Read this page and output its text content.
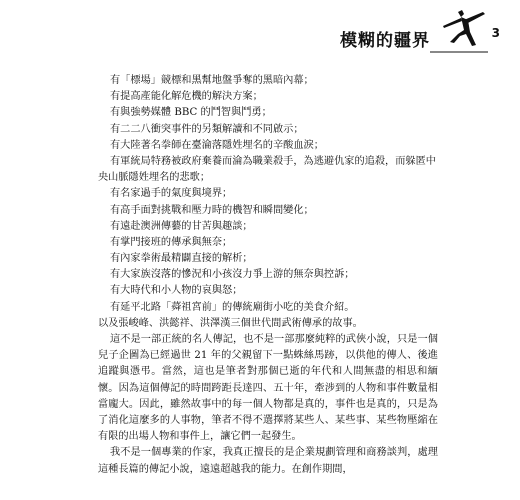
模糊的疆界	3

有「標場」競標和黑幫地盤爭奪的黑暗內幕；

有提高產能化解危機的解決方案；

有與強勢媒體 BBC 的鬥智與鬥勇；

有二二八衝突事件的另類解讀和不同啟示；

有大陸著名拳師在臺淪落隱姓埋名的辛酸血淚；

有軍統局特務被政府棄養而淪為職業殺手，為逃避仇家的追殺，而躲匿中央山脈隱姓埋名的悲歌；

有名家過手的氣度與境界；

有高手面對挑戰和壓力時的機智和瞬間變化；

有遠赴澳洲傳藝的甘苦與趣談；

有掌門接班的傳承與無奈；

有內家拳術最精闢直接的解析；

有大家族沒落的慘況和小孩沒力爭上游的無奈與控訴；

有大時代和小人物的哀與怒；

有延平北路「蕣祖宮前」的傳統廟街小吃的美食介紹。

以及張峻峰、洪懿祥、洪澤漢三個世代間武術傳承的故事。

這不是一部正統的名人傳記，也不是一部那麼純粹的武俠小說，只是一個兒子企圖為已經過世 21 年的父親留下一點蛛絲馬跡，以供他的傳人、後進追蹤與憑弔。當然，這也是筆者對那個已逝的年代和人間無盡的相思和緬懷。因為這個傳記的時間跨距長達四、五十年，牽涉到的人物和事件數量相當龐大。因此，雖然故事中的每一個人物都是真的，事件也是真的，只是為了消化這麼多的人事物，筆者不得不選擇將某些人、某些事、某些物壓縮在有限的出場人物和事件上，讓它們一起發生。

我不是一個專業的作家，我真正擅長的是企業規劃管理和商務談判，處理這種長篇的傳記小說，遠遠超越我的能力。在創作期間，
